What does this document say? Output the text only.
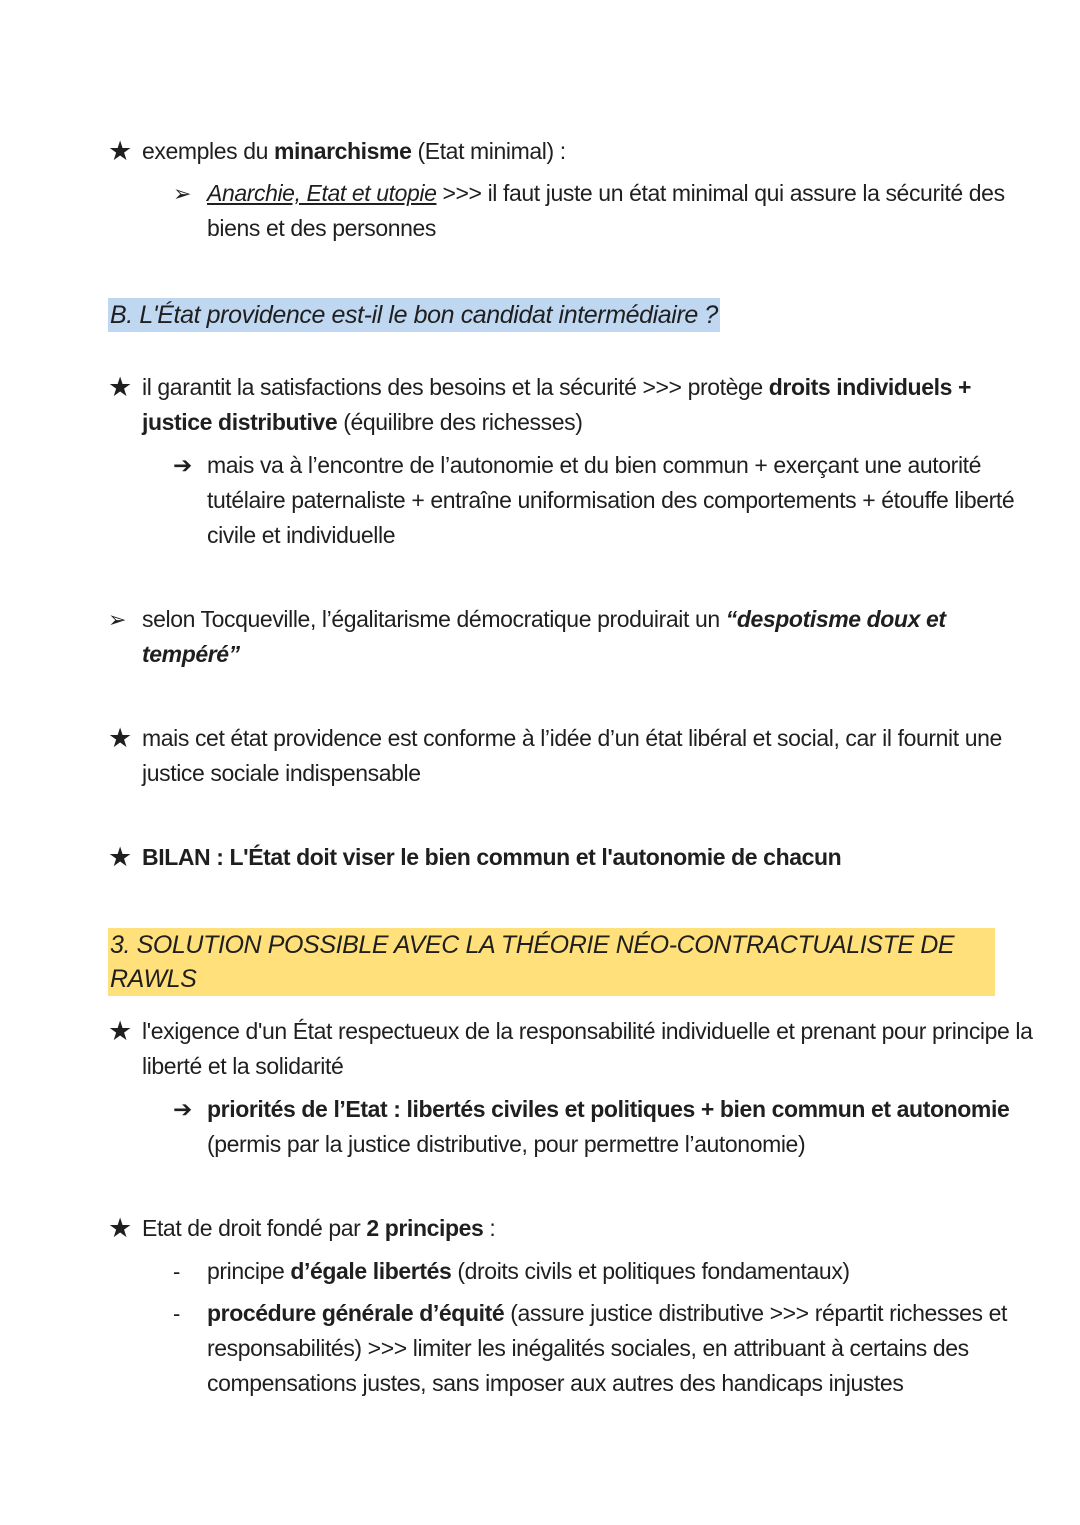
★ exemples du minarchisme (Etat minimal) :
➢ Anarchie, Etat et utopie >>> il faut juste un état minimal qui assure la sécurité des biens et des personnes
B. L'État providence est-il le bon candidat intermédiaire ?
★ il garantit la satisfactions des besoins et la sécurité >>> protège droits individuels + justice distributive (équilibre des richesses)
➔ mais va à l’encontre de l’autonomie et du bien commun + exerçant une autorité tutélaire paternaliste + entraîne uniformisation des comportements + étouffe liberté civile et individuelle
➢ selon Tocqueville, l’égalitarisme démocratique produirait un “despotisme doux et tempéré”
★ mais cet état providence est conforme à l’idée d’un état libéral et social, car il fournit une justice sociale indispensable
★ BILAN : L'État doit viser le bien commun et l'autonomie de chacun
3. SOLUTION POSSIBLE AVEC LA THÉORIE NÉO-CONTRACTUALISTE DE RAWLS
★ l'exigence d'un État respectueux de la responsabilité individuelle et prenant pour principe la liberté et la solidarité
➔ priorités de l’Etat : libertés civiles et politiques + bien commun et autonomie (permis par la justice distributive, pour permettre l’autonomie)
★ Etat de droit fondé par 2 principes :
- principe d’égale libertés (droits civils et politiques fondamentaux)
- procédure générale d’équité (assure justice distributive >>> répartit richesses et responsabilités) >>> limiter les inégalités sociales, en attribuant à certains des compensations justes, sans imposer aux autres des handicaps injustes
